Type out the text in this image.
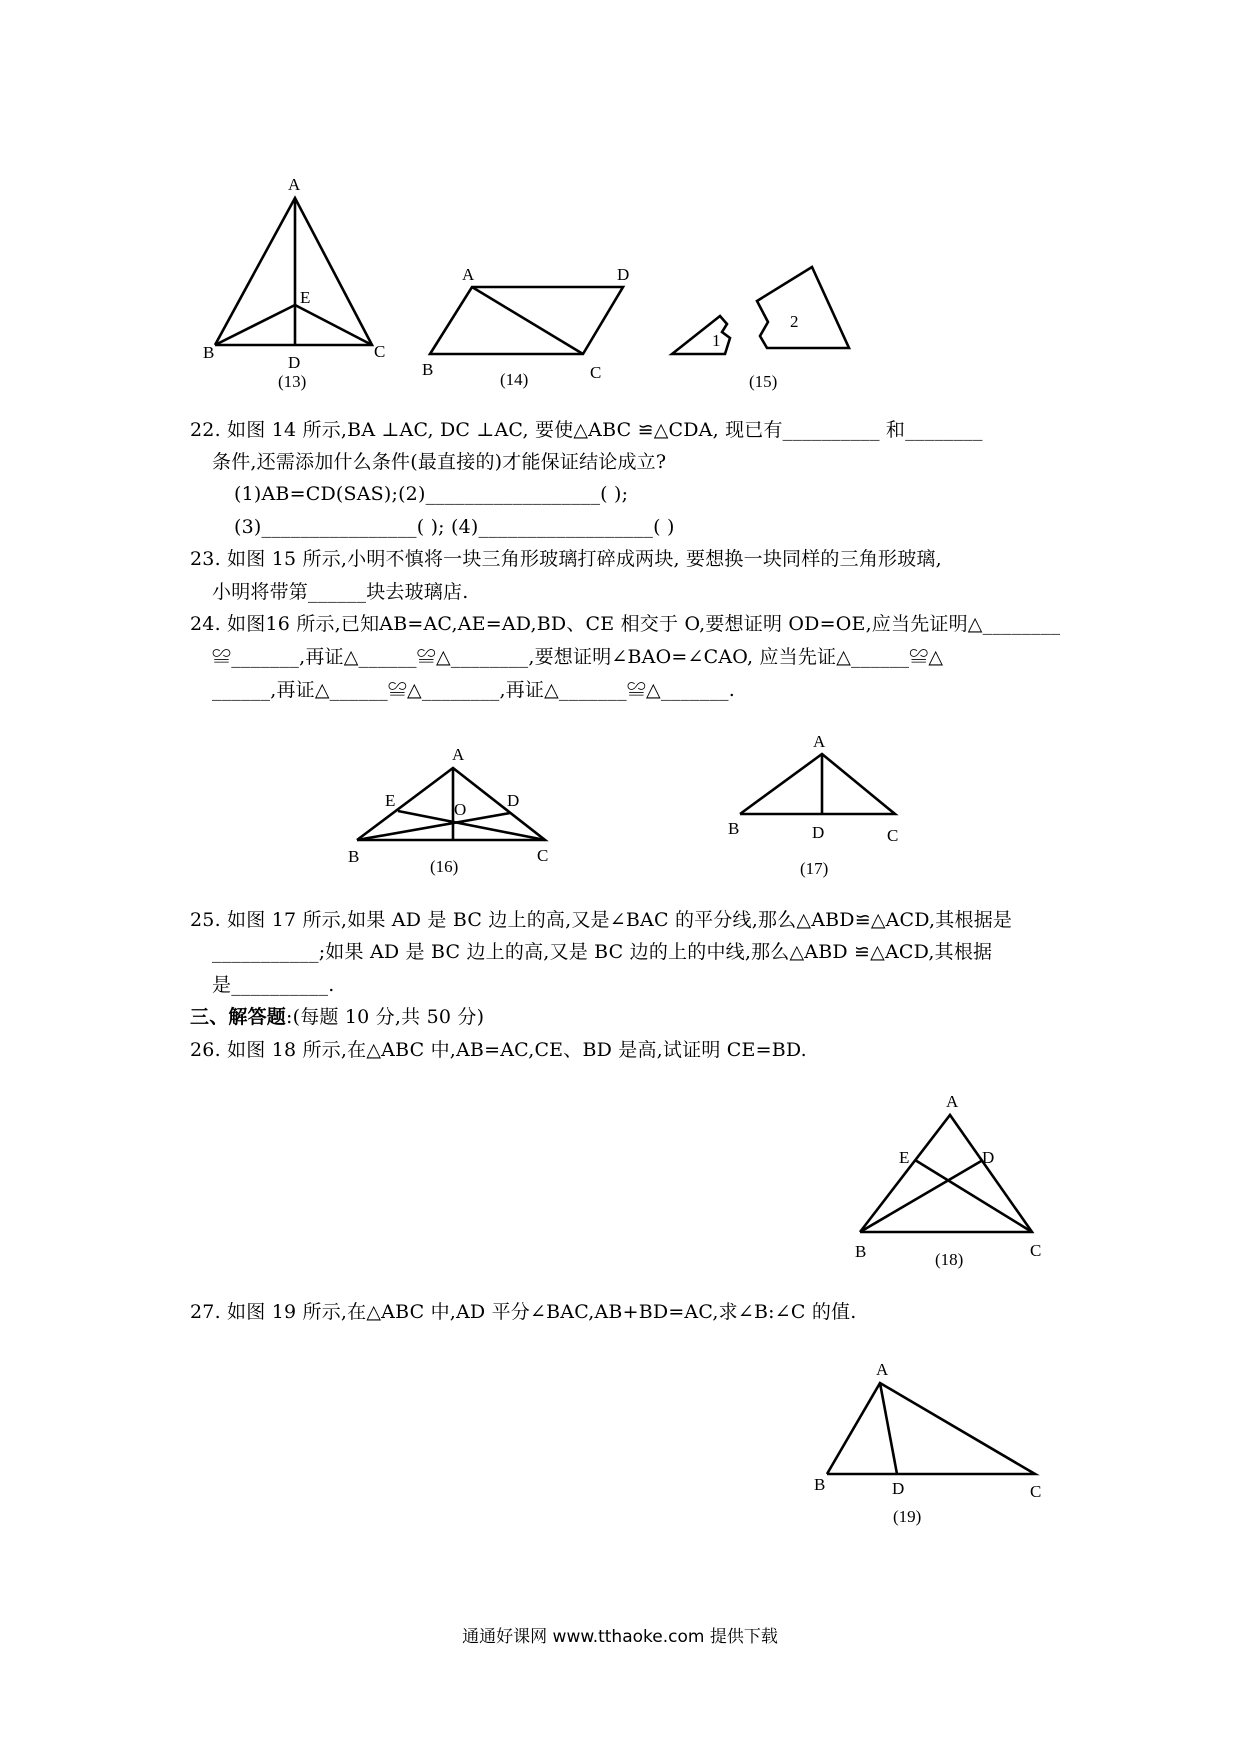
A
B	C
D
E
(13)
A	D
B	C
(14)
1
2
(15)
A
E	D
O
B	C
(16)
A
B	D	C
(17)
A
E	D
B	C
(18)
A
B	D	C
(19)
22. 如图 14 所示,BA ⊥AC, DC ⊥AC, 要使△ABC ≌△CDA, 现已有__________ 和________
条件,还需添加什么条件(最直接的)才能保证结论成立?
(1)AB=CD(SAS);(2)__________________( );
(3)________________( ); (4)__________________( )
23. 如图 15 所示,小明不慎将一块三角形玻璃打碎成两块, 要想换一块同样的三角形玻璃,
小明将带第______块去玻璃店.
24. 如图16 所示,已知AB=AC,AE=AD,BD、CE 相交于 O,要想证明 OD=OE,应当先证明△________
≌_______,再证△______≌△________,要想证明∠BAO=∠CAO, 应当先证△______≌△
______,再证△______≌△________,再证△_______≌△_______.
25. 如图 17 所示,如果 AD 是 BC 边上的高,又是∠BAC 的平分线,那么△ABD≌△ACD,其根据是
___________;如果 AD 是 BC 边上的高,又是 BC 边的上的中线,那么△ABD ≌△ACD,其根据
是__________.
三、解答题:(每题 10 分,共 50 分)
26. 如图 18 所示,在△ABC 中,AB=AC,CE、BD 是高,试证明 CE=BD.
27. 如图 19 所示,在△ABC 中,AD 平分∠BAC,AB+BD=AC,求∠B:∠C 的值.
通通好课网 www.tthaoke.com 提供下载
